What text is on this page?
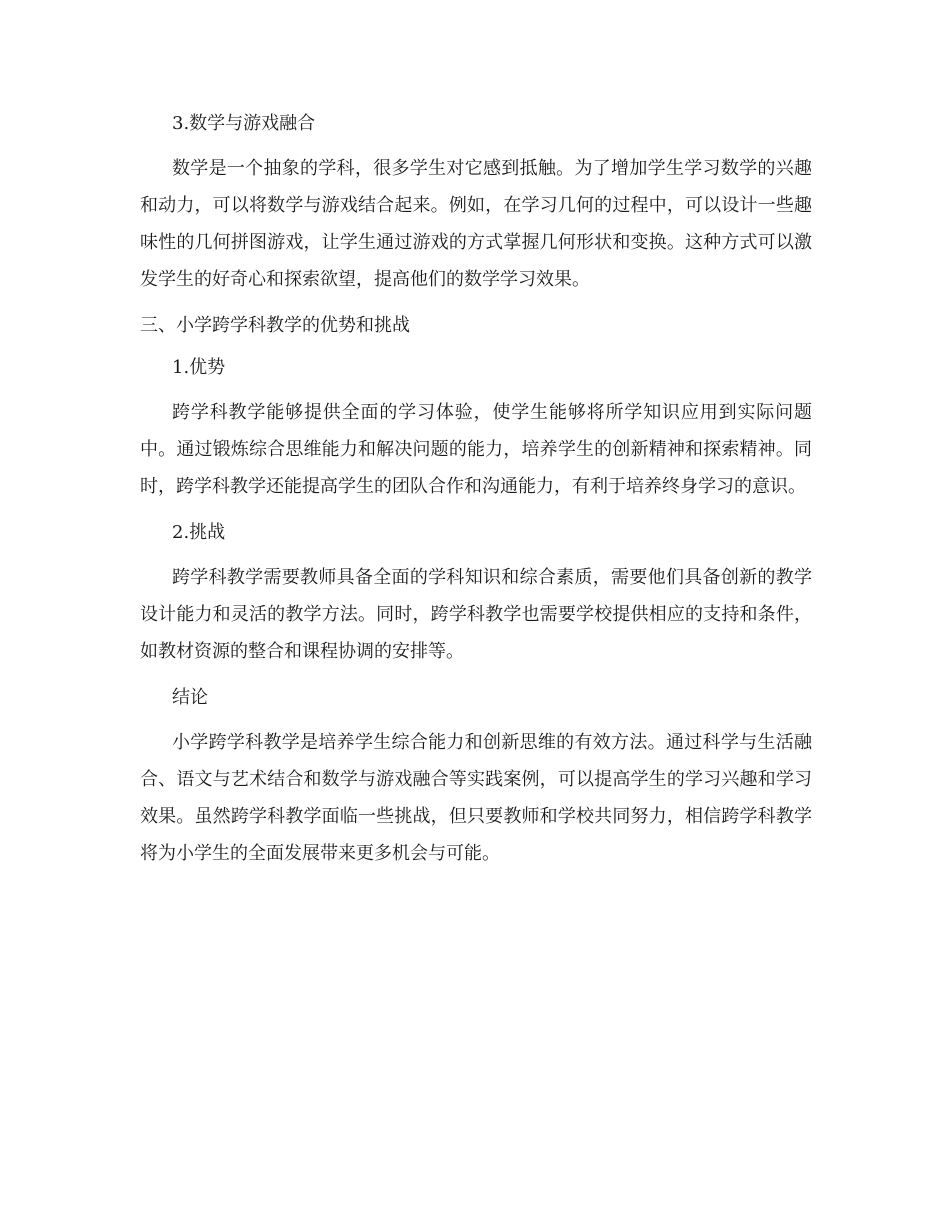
3.数学与游戏融合

数学是一个抽象的学科，很多学生对它感到抵触。为了增加学生学习数学的兴趣和动力，可以将数学与游戏结合起来。例如，在学习几何的过程中，可以设计一些趣味性的几何拼图游戏，让学生通过游戏的方式掌握几何形状和变换。这种方式可以激发学生的好奇心和探索欲望，提高他们的数学学习效果。

三、小学跨学科教学的优势和挑战

1.优势

跨学科教学能够提供全面的学习体验，使学生能够将所学知识应用到实际问题中。通过锻炼综合思维能力和解决问题的能力，培养学生的创新精神和探索精神。同时，跨学科教学还能提高学生的团队合作和沟通能力，有利于培养终身学习的意识。

2.挑战

跨学科教学需要教师具备全面的学科知识和综合素质，需要他们具备创新的教学设计能力和灵活的教学方法。同时，跨学科教学也需要学校提供相应的支持和条件，如教材资源的整合和课程协调的安排等。

结论

小学跨学科教学是培养学生综合能力和创新思维的有效方法。通过科学与生活融合、语文与艺术结合和数学与游戏融合等实践案例，可以提高学生的学习兴趣和学习效果。虽然跨学科教学面临一些挑战，但只要教师和学校共同努力，相信跨学科教学将为小学生的全面发展带来更多机会与可能。
